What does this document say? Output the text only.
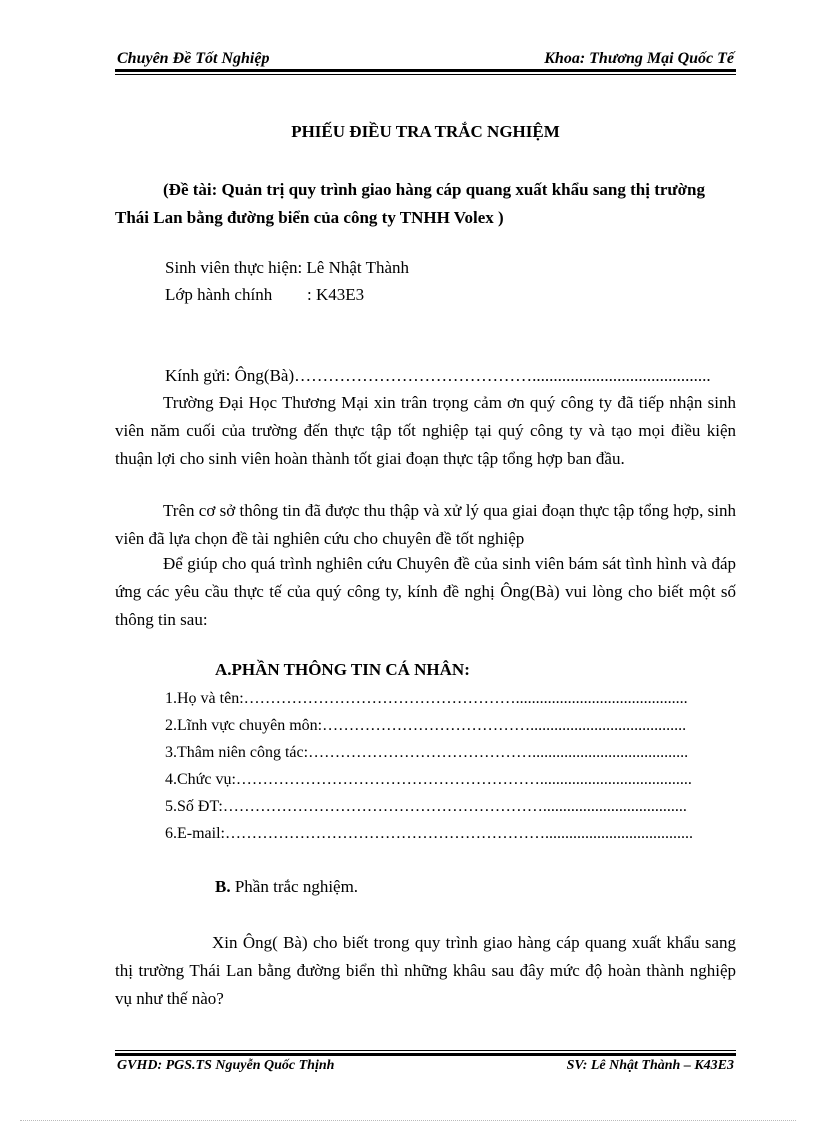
Chuyên Đề Tốt Nghiệp	Khoa: Thương Mại Quốc Tế
PHIẾU ĐIỀU TRA TRẮC NGHIỆM
(Đề tài: Quản trị quy trình giao hàng cáp quang xuất khẩu sang thị trường Thái Lan bằng đường biển của công ty TNHH Volex )
Sinh viên thực hiện: Lê Nhật Thành
Lớp hành chính : K43E3
Kính gửi: Ông(Bà)……………………………………..........................................
Trường Đại Học Thương Mại xin trân trọng cảm ơn quý công ty đã tiếp nhận sinh viên năm cuối của trường đến thực tập tốt nghiệp tại quý công ty và tạo mọi điều kiện thuận lợi cho sinh viên hoàn thành tốt giai đoạn thực tập tổng hợp ban đầu.
Trên cơ sở thông tin đã được thu thập và xử lý qua giai đoạn thực tập tổng hợp, sinh viên đã lựa chọn đề tài nghiên cứu cho chuyên đề tốt nghiệp
Để giúp cho quá trình nghiên cứu Chuyên đề của sinh viên bám sát tình hình và đáp ứng các yêu cầu thực tế của quý công ty, kính đề nghị Ông(Bà) vui lòng cho biết một số thông tin sau:
A.PHẦN THÔNG TIN CÁ NHÂN:
1.Họ và tên:……………………………………………...........................................
2.Lĩnh vực chuyên môn:………………………………….......................................
3.Thâm niên công tác:…………………………………….......................................
4.Chức vụ:…………………………………………………......................................
5.Số ĐT:……………………………………………………....................................
6.E-mail:…………………………………………………….....................................
B. Phần trắc nghiệm.
Xin Ông( Bà) cho biết trong quy trình giao hàng cáp quang xuất khẩu sang thị trường Thái Lan bằng đường biển thì những khâu sau đây mức độ hoàn thành nghiệp vụ như thế nào?
GVHD: PGS.TS Nguyễn Quốc Thịnh	SV: Lê Nhật Thành – K43E3
